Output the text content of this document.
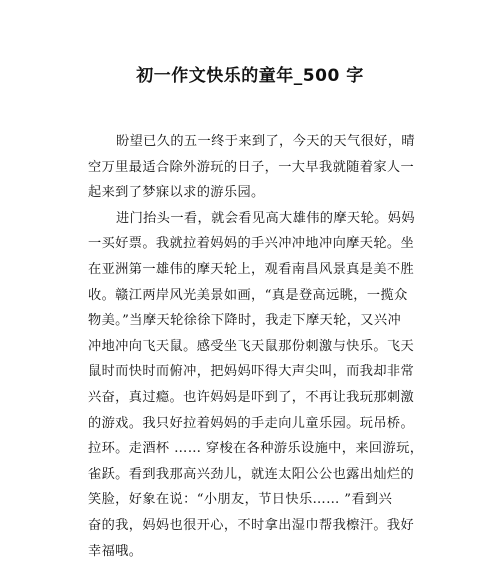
初一作文快乐的童年_500 字
盼望已久的五一终于来到了，今天的天气很好，晴
空万里最适合除外游玩的日子，一大早我就随着家人一
起来到了梦寐以求的游乐园。
进门抬头一看，就会看见高大雄伟的摩天轮。妈妈
一买好票。我就拉着妈妈的手兴冲冲地冲向摩天轮。坐
在亚洲第一雄伟的摩天轮上，观看南昌风景真是美不胜
收。赣江两岸风光美景如画，“真是登高远眺，一揽众
物美。”当摩天轮徐徐下降时，我走下摩天轮，又兴冲
冲地冲向飞天鼠。感受坐飞天鼠那份刺激与快乐。飞天
鼠时而快时而俯冲，把妈妈吓得大声尖叫，而我却非常
兴奋，真过瘾。也许妈妈是吓到了，不再让我玩那刺激
的游戏。我只好拉着妈妈的手走向儿童乐园。玩吊桥。
拉环。走酒杯 …… 穿梭在各种游乐设施中，来回游玩，
雀跃。看到我那高兴劲儿，就连太阳公公也露出灿烂的
笑脸，好象在说：“小朋友，节日快乐…… ”看到兴
奋的我，妈妈也很开心，不时拿出湿巾帮我檫汗。我好
幸福哦。
